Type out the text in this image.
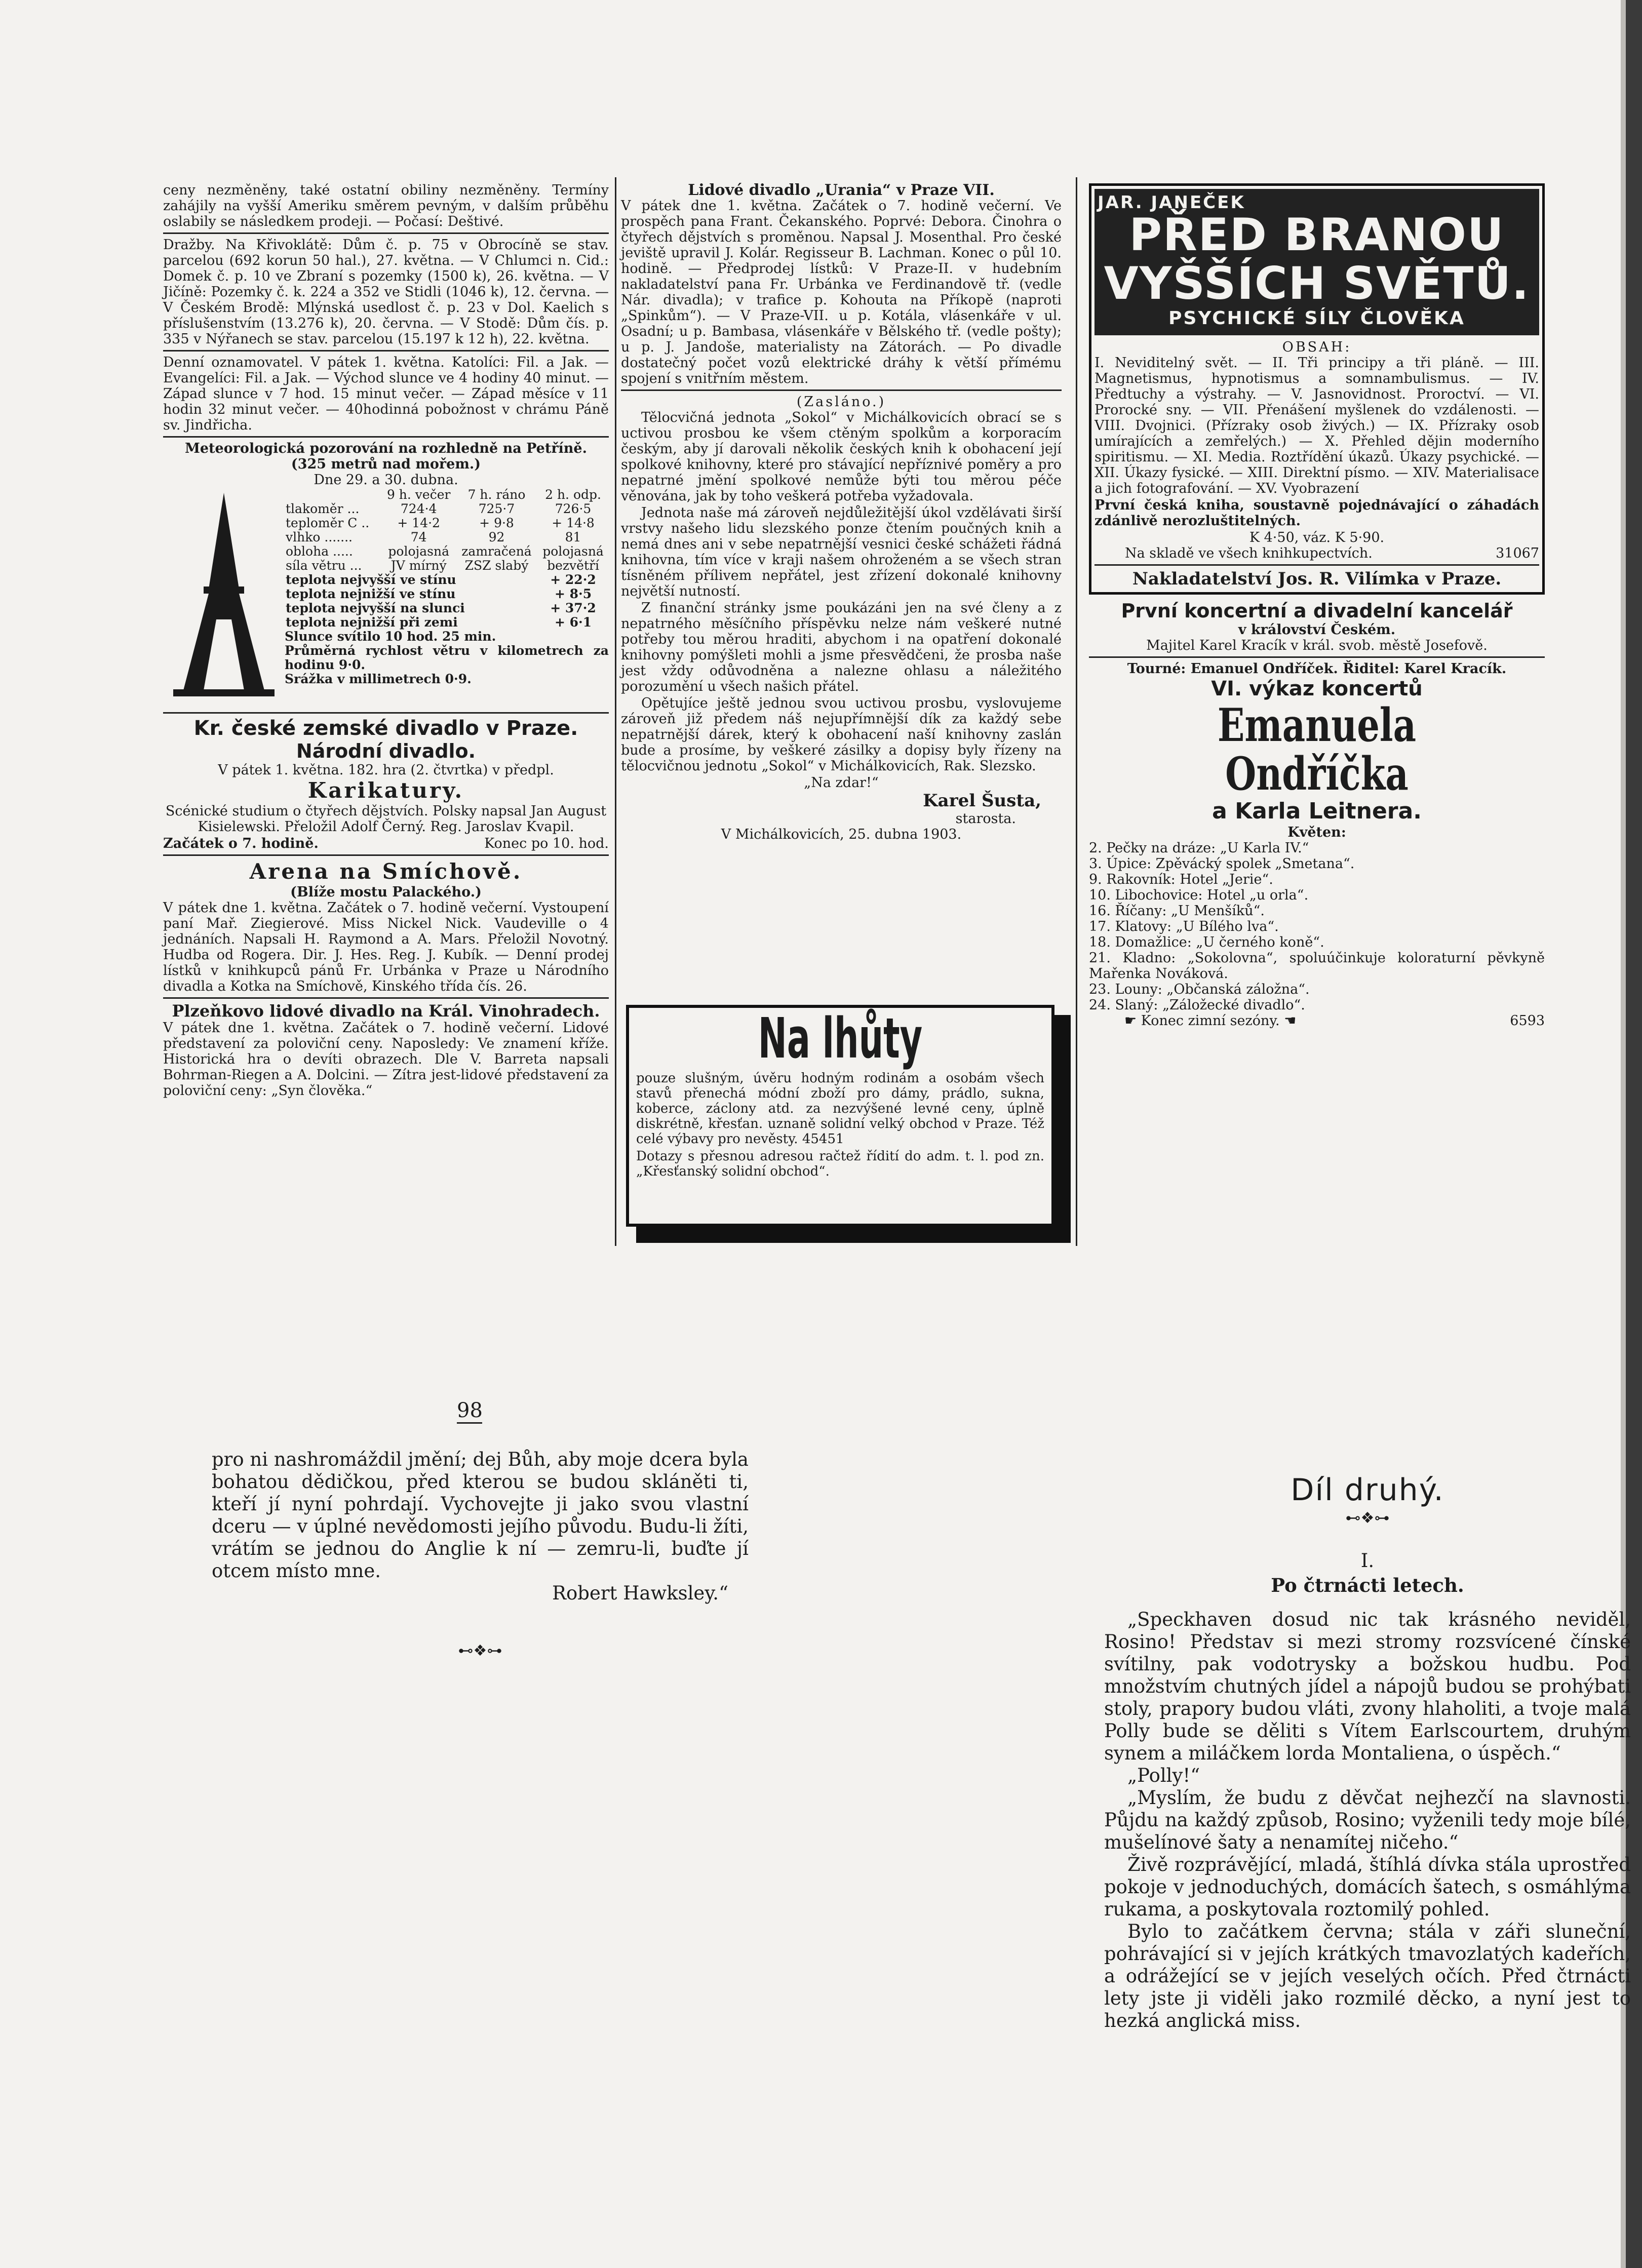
ceny nezměněny, také ostatní obiliny nezměněny. Termíny zahájily na vyšší Ameriku směrem pevným, v dalším průběhu oslabily se následkem prodeji. — Počasí: Deštivé.

Dražby. Na Křivoklátě: Dům č. p. 75 v Obrocíně se stav. parcelou (692 korun 50 hal.), 27. května. — V Chlumci n. Cid.: Domek č. p. 10 ve Zbraní s pozemky (1500 k), 26. května. — V Jičíně: Pozemky č. k. 224 a 352 ve Stidli (1046 k), 12. června. — V Českém Brodě: Mlýnská usedlost č. p. 23 v Dol. Kaelich s příslušenstvím (13.276 k), 20. června. — V Stodě: Dům čís. p. 335 v Nýřanech se stav. parcelou (15.197 k 12 h), 22. května.

Denní oznamovatel. V pátek 1. května. Katolíci: Fil. a Jak. — Evangelíci: Fil. a Jak. — Východ slunce ve 4 hodiny 40 minut. — Západ slunce v 7 hod. 15 minut večer. — Západ měsíce v 11 hodin 32 minut večer. — 40hodinná pobožnost v chrámu Páně sv. Jindřicha.

Meteorologická pozorování na rozhledně na Petříně.
(325 metrů nad mořem.)
Dne 29. a 30. dubna.
	9 h. večer	7 h. ráno	2 h. odp.
tlakoměr ...	724·4	725·7	726·5
teploměr C ..	+ 14·2	+ 9·8	+ 14·8
vlhko .......	74	92	81
obloha .....	polojasná	zamračená	polojasná
síla větru ...	JV mírný	ZSZ slabý	bezvětří
teplota nejvyšší ve stínu			+ 22·2
teplota nejnižší ve stínu			+ 8·5
teplota nejvyšší na slunci			+ 37·2
teplota nejnižší při zemi			+ 6·1
Slunce svítilo 10 hod. 25 min.
Průměrná rychlost větru v kilometrech za hodinu 9·0.
Srážka v millimetrech 0·9.
Kr. české zemské divadlo v Praze.
Národní divadlo.
V pátek 1. května. 182. hra (2. čtvrtka) v předpl.
Karikatury.

Scénické studium o čtyřech dějstvích. Polsky napsal Jan August Kisielewski. Přeložil Adolf Černý. Reg. Jaroslav Kvapil.

Začátek o 7. hodině.	Konec po 10. hod.
Arena na Smíchově.
(Blíže mostu Palackého.)

V pátek dne 1. května. Začátek o 7. hodině večerní. Vystoupení paní Mař. Ziegierové. Miss Nickel Nick. Vaudeville o 4 jednáních. Napsali H. Raymond a A. Mars. Přeložil Novotný. Hudba od Rogera. Dir. J. Hes. Reg. J. Kubík. — Denní prodej lístků v knihkupců pánů Fr. Urbánka v Praze u Národního divadla a Kotka na Smíchově, Kinského třída čís. 26.

Plzeňkovo lidové divadlo na Král. Vinohradech.

V pátek dne 1. května. Začátek o 7. hodině večerní. Lidové představení za poloviční ceny. Naposledy: Ve znamení kříže. Historická hra o devíti obrazech. Dle V. Barreta napsali Bohrman-Riegen a A. Dolcini. — Zítra jest-lidové představení za poloviční ceny: „Syn člověka.“

Lidové divadlo „Urania“ v Praze VII.

V pátek dne 1. května. Začátek o 7. hodině večerní. Ve prospěch pana Frant. Čekanského. Poprvé: Debora. Činohra o čtyřech dějstvích s proměnou. Napsal J. Mosenthal. Pro české jeviště upravil J. Kolár. Regisseur B. Lachman. Konec o půl 10. hodině. — Předprodej lístků: V Praze-II. v hudebním nakladatelství pana Fr. Urbánka ve Ferdinandově tř. (vedle Nár. divadla); v trafice p. Kohouta na Příkopě (naproti „Spinkům“). — V Praze-VII. u p. Kotála, vlásenkáře v ul. Osadní; u p. Bambasa, vlásenkáře v Bělského tř. (vedle pošty); u p. J. Jandoše, materialisty na Zátorách. — Po divadle dostatečný počet vozů elektrické dráhy k větší přímému spojení s vnitřním městem.

(Zasláno.)

Tělocvičná jednota „Sokol“ v Michálkovicích obrací se s uctivou prosbou ke všem ctěným spolkům a korporacím českým, aby jí darovali několik českých knih k obohacení její spolkové knihovny, které pro stávající nepříznivé poměry a pro nepatrné jmění spolkové nemůže býti tou měrou péče věnována, jak by toho veškerá potřeba vyžadovala.

Jednota naše má zároveň nejdůležitější úkol vzdělávati širší vrstvy našeho lidu slezského ponze čtením poučných knih a nemá dnes ani v sebe nepatrnější vesnici české schážeti řádná knihovna, tím více v kraji našem ohroženém a se všech stran tísněném přílivem nepřátel, jest zřízení dokonalé knihovny největší nutností.

Z finanční stránky jsme poukázáni jen na své členy a z nepatrného měsíčního příspěvku nelze nám veškeré nutné potřeby tou měrou hraditi, abychom i na opatření dokonalé knihovny pomýšleti mohli a jsme přesvědčeni, že prosba naše jest vždy odůvodněna a nalezne ohlasu a náležitého porozumění u všech našich přátel.

Opětujíce ještě jednou svou uctivou prosbu, vyslovujeme zároveň již předem náš nejupřímnější dík za každý sebe nepatrnější dárek, který k obohacení naší knihovny zaslán bude a prosíme, by veškeré zásilky a dopisy byly řízeny na tělocvičnou jednotu „Sokol“ v Michálkovicích, Rak. Slezsko.

„Na zdar!“
Karel Šusta,
starosta.
V Michálkovicích, 25. dubna 1903.
Na lhůty

pouze slušným, úvěru hodným rodinám a osobám všech stavů přenechá módní zboží pro dámy, prádlo, sukna, koberce, záclony atd. za nezvýšené levné ceny, úplně diskrétně, křesťan. uznaně solidní velký obchod v Praze. Též celé výbavy pro nevěsty. 45451

Dotazy s přesnou adresou račtež řídití do adm. t. l. pod zn. „Křesťanský solidní obchod“.

JAR. JANEČEK
PŘED BRANOU
VYŠŠÍCH SVĚTŮ.
PSYCHICKÉ SÍLY ČLOVĚKA
OBSAH:

I. Neviditelný svět. — II. Tři principy a tři pláně. — III. Magnetismus, hypnotismus a somnambulismus. — IV. Předtuchy a výstrahy. — V. Jasnovidnost. Proroctví. — VI. Prorocké sny. — VII. Přenášení myšlenek do vzdálenosti. — VIII. Dvojnici. (Přízraky osob živých.) — IX. Přízraky osob umírajících a zemřelých.) — X. Přehled dějin moderního spiritismu. — XI. Media. Roztřídění úkazů. Úkazy psychické. — XII. Úkazy fysické. — XIII. Direktní písmo. — XIV. Materialisace a jich fotografování. — XV. Vyobrazení

První česká kniha, soustavně pojednávající o záhadách zdánlivě nerozluštitelných.

K 4·50, váz. K 5·90.
Na skladě ve všech knihkupectvích.	31067
Nakladatelství Jos. R. Vilímka v Praze.
První koncertní a divadelní kancelář
v království Českém.
Majitel Karel Kracík v král. svob. městě Josefově.
Tourné: Emanuel Ondříček. Řiditel: Karel Kracík.
VI. výkaz koncertů
Emanuela Ondříčka
a Karla Leitnera.
Květen:
2. Pečky na dráze: „U Karla IV.“
3. Úpice: Zpěvácký spolek „Smetana“.
9. Rakovník: Hotel „Jerie“.
10. Libochovice: Hotel „u orla“.
16. Říčany: „U Menšíků“.
17. Klatovy: „U Bílého lva“.
18. Domažlice: „U černého koně“.
21. Kladno: „Sokolovna“, spoluúčinkuje koloraturní pěvkyně Mařenka Nováková.
23. Louny: „Občanská záložna“.
24. Slaný: „Záložecké divadlo“.
☛ Konec zimní sezóny. ☚	6593
98

pro ni nashromáždil jmění; dej Bůh, aby moje dcera byla bohatou dědičkou, před kterou se budou skláněti ti, kteří jí nyní pohrdají. Vychovejte ji jako svou vlastní dceru — v úplné nevědomosti jejího původu. Budu-li žíti, vrátím se jednou do Anglie k ní — zemru-li, buďte jí otcem místo mne.

Robert Hawksley.“

⊷❖⊶
Díl druhý.
⊷❖⊶
I.
Po čtrnácti letech.

„Speckhaven dosud nic tak krásného neviděl, Rosino! Představ si mezi stromy rozsvícené čínské svítilny, pak vodotrysky a božskou hudbu. Pod množstvím chutných jídel a nápojů budou se prohýbati stoly, prapory budou vláti, zvony hlaholiti, a tvoje malá Polly bude se děliti s Vítem Earlscourtem, druhým synem a miláčkem lorda Montaliena, o úspěch.“

„Polly!“

„Myslím, že budu z děvčat nejhezčí na slavnosti. Půjdu na každý způsob, Rosino; vyženili tedy moje bílé, mušelínové šaty a nenamítej ničeho.“

Živě rozprávějící, mladá, štíhlá dívka stála uprostřed pokoje v jednoduchých, domácích šatech, s osmáhlýma rukama, a poskytovala roztomilý pohled.

Bylo to začátkem června; stála v záři sluneční, pohrávající si v jejích krátkých tmavozlatých kadeřích, a odrážející se v jejích veselých očích. Před čtrnácti lety jste ji viděli jako rozmilé děcko, a nyní jest to hezká anglická miss.
